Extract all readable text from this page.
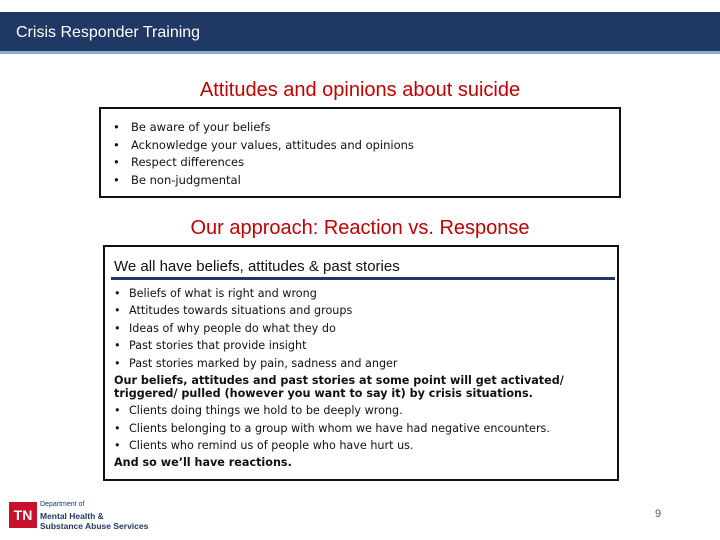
Crisis Responder Training
Attitudes and opinions about suicide
• Be aware of your beliefs
• Acknowledge your values, attitudes and opinions
• Respect differences
• Be non-judgmental
Our approach: Reaction vs. Response
We all have beliefs, attitudes & past stories
• Beliefs of what is right and wrong
• Attitudes towards situations and groups
• Ideas of why people do what they do
• Past stories that provide insight
• Past stories marked by pain, sadness and anger
Our beliefs, attitudes and past stories at some point will get activated/ triggered/ pulled (however you want to say it) by crisis situations.
• Clients doing things we hold to be deeply wrong.
• Clients belonging to a group with whom we have had negative encounters.
• Clients who remind us of people who have hurt us.
And so we’ll have reactions.
TN
Department of
Mental Health &
Substance Abuse Services
9
